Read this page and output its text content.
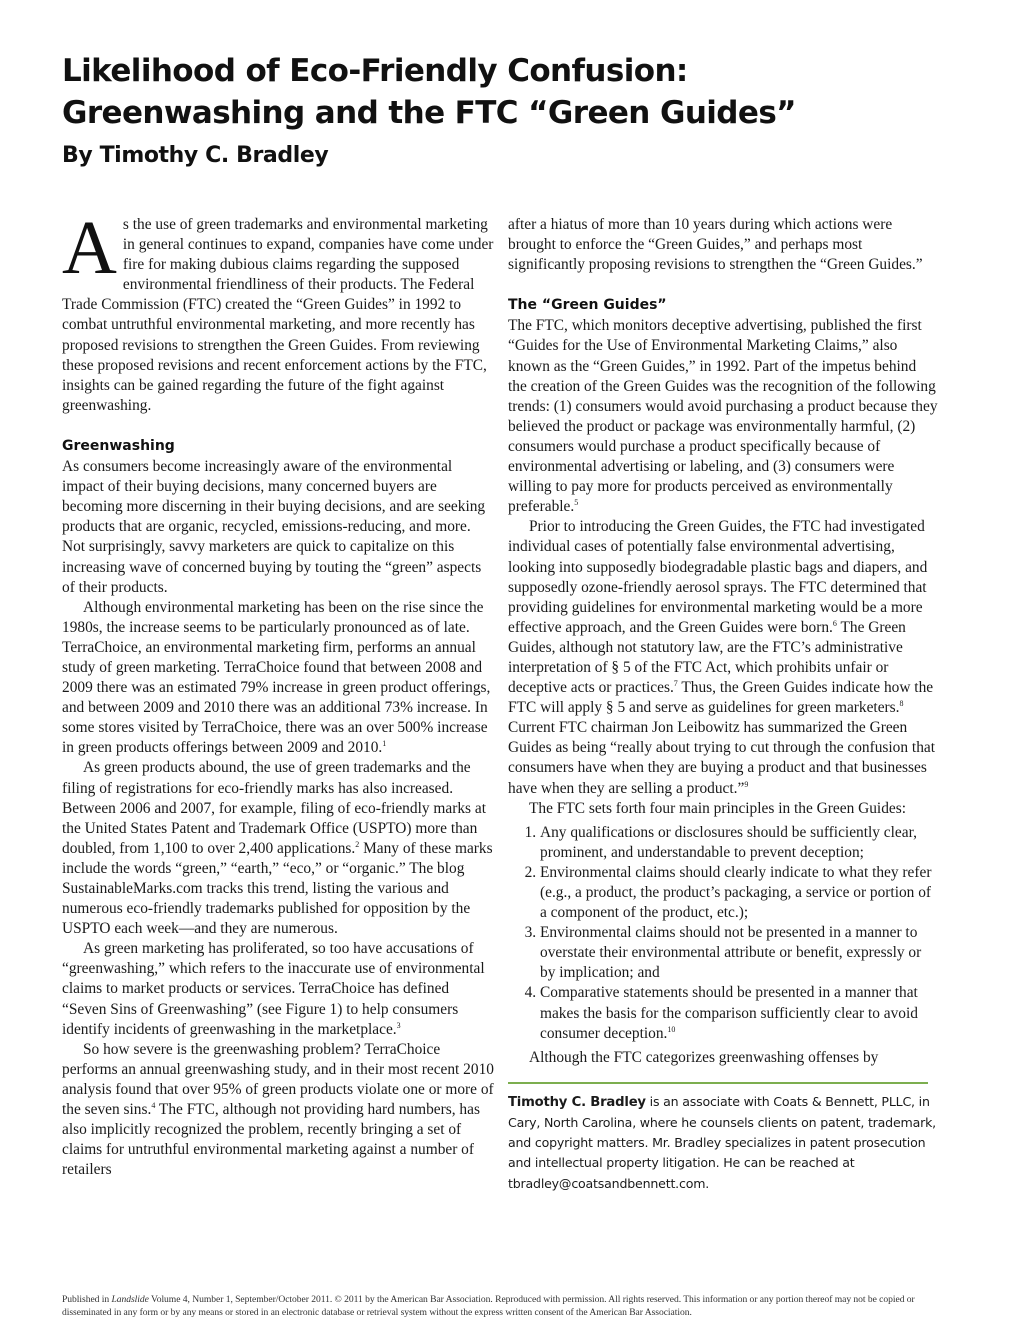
Likelihood of Eco-Friendly Confusion:
Greenwashing and the FTC “Green Guides”
By Timothy C. Bradley

As the use of green trademarks and environmental marketing in general continues to expand, companies have come under fire for making dubious claims regarding the supposed environmental friendliness of their products. The Federal Trade Commission (FTC) created the “Green Guides” in 1992 to combat untruthful environmental marketing, and more recently has proposed revisions to strengthen the Green Guides. From reviewing these proposed revisions and recent enforcement actions by the FTC, insights can be gained regarding the future of the fight against greenwashing.

Greenwashing

As consumers become increasingly aware of the environmental impact of their buying decisions, many concerned buyers are becoming more discerning in their buying decisions, and are seeking products that are organic, recycled, emissions-reducing, and more. Not surprisingly, savvy marketers are quick to capitalize on this increasing wave of concerned buying by touting the “green” aspects of their products.

Although environmental marketing has been on the rise since the 1980s, the increase seems to be particularly pronounced as of late. TerraChoice, an environmental marketing firm, performs an annual study of green marketing. TerraChoice found that between 2008 and 2009 there was an estimated 79% increase in green product offerings, and between 2009 and 2010 there was an additional 73% increase. In some stores visited by TerraChoice, there was an over 500% increase in green products offerings between 2009 and 2010.$^1$

As green products abound, the use of green trademarks and the filing of registrations for eco-friendly marks has also increased. Between 2006 and 2007, for example, filing of eco-friendly marks at the United States Patent and Trademark Office (USPTO) more than doubled, from 1,100 to over 2,400 applications.$^2$ Many of these marks include the words “green,” “earth,” “eco,” or “organic.” The blog SustainableMarks.com tracks this trend, listing the various and numerous eco-friendly trademarks published for opposition by the USPTO each week—and they are numerous.

As green marketing has proliferated, so too have accusations of “greenwashing,” which refers to the inaccurate use of environmental claims to market products or services. TerraChoice has defined “Seven Sins of Greenwashing” (see Figure 1) to help consumers identify incidents of greenwashing in the marketplace.$^3$

So how severe is the greenwashing problem? TerraChoice performs an annual greenwashing study, and in their most recent 2010 analysis found that over 95% of green products violate one or more of the seven sins.$^4$ The FTC, although not providing hard numbers, has also implicitly recognized the problem, recently bringing a set of claims for untruthful environmental marketing against a number of retailers

after a hiatus of more than 10 years during which actions were brought to enforce the “Green Guides,” and perhaps most significantly proposing revisions to strengthen the “Green Guides.”

The “Green Guides”

The FTC, which monitors deceptive advertising, published the first “Guides for the Use of Environmental Marketing Claims,” also known as the “Green Guides,” in 1992. Part of the impetus behind the creation of the Green Guides was the recognition of the following trends: (1) consumers would avoid purchasing a product because they believed the product or package was environmentally harmful, (2) consumers would purchase a product specifically because of environmental advertising or labeling, and (3) consumers were willing to pay more for products perceived as environmentally preferable.$^5$

Prior to introducing the Green Guides, the FTC had investigated individual cases of potentially false environmental advertising, looking into supposedly biodegradable plastic bags and diapers, and supposedly ozone-friendly aerosol sprays. The FTC determined that providing guidelines for environmental marketing would be a more effective approach, and the Green Guides were born.$^6$ The Green Guides, although not statutory law, are the FTC’s administrative interpretation of § 5 of the FTC Act, which prohibits unfair or deceptive acts or practices.$^7$ Thus, the Green Guides indicate how the FTC will apply § 5 and serve as guidelines for green marketers.$^8$ Current FTC chairman Jon Leibowitz has summarized the Green Guides as being “really about trying to cut through the confusion that consumers have when they are buying a product and that businesses have when they are selling a product.”$^9$

The FTC sets forth four main principles in the Green Guides:

1. Any qualifications or disclosures should be sufficiently clear, prominent, and understandable to prevent deception;
2. Environmental claims should clearly indicate to what they refer (e.g., a product, the product’s packaging, a service or portion of a component of the product, etc.);
3. Environmental claims should not be presented in a manner to overstate their environmental attribute or benefit, expressly or by implication; and
4. Comparative statements should be presented in a manner that makes the basis for the comparison sufficiently clear to avoid consumer deception.$^{10}$

Although the FTC categorizes greenwashing offenses by

Timothy C. Bradley is an associate with Coats & Bennett, PLLC, in Cary, North Carolina, where he counsels clients on patent, trademark, and copyright matters. Mr. Bradley specializes in patent prosecution and intellectual property litigation. He can be reached at tbradley@coatsandbennett.com.

Published in Landslide Volume 4, Number 1, September/October 2011. © 2011 by the American Bar Association. Reproduced with permission. All rights reserved. This information or any portion thereof may not be copied or disseminated in any form or by any means or stored in an electronic database or retrieval system without the express written consent of the American Bar Association.
